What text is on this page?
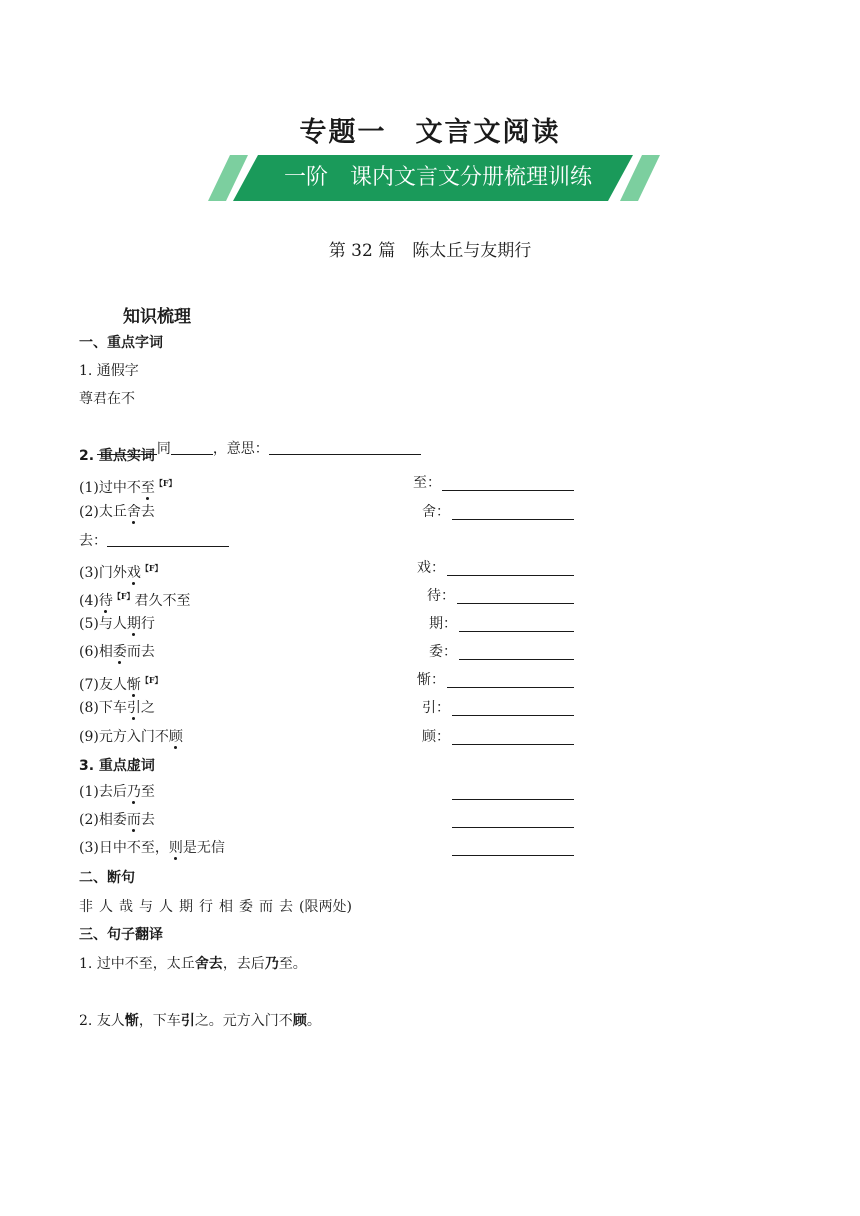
专题一　文言文阅读
一阶　课内文言文分册梳理训练
第 32 篇　陈太丘与友期行
知识梳理
一、重点字词
1. 通假字
尊君在不

同	，意思：

2. 重点实词
(1)过中不至$^{【F】}$	至：
(2)太丘舍去	舍：
去：
(3)门外戏$^{【F】}$	戏：
(4)待$^{【F】}$君久不至	待：
(5)与人期行	期：
(6)相委而去	委：
(7)友人惭$^{【F】}$	惭：
(8)下车引之	引：
(9)元方入门不顾	顾：
3. 重点虚词
(1)去后乃至
(2)相委而去
(3)日中不至，则是无信
二、断句
非人哉与人期行相委而去(限两处)
三、句子翻译
1. 过中不至，太丘舍去，去后乃至。
2. 友人惭，下车引之。元方入门不顾。
